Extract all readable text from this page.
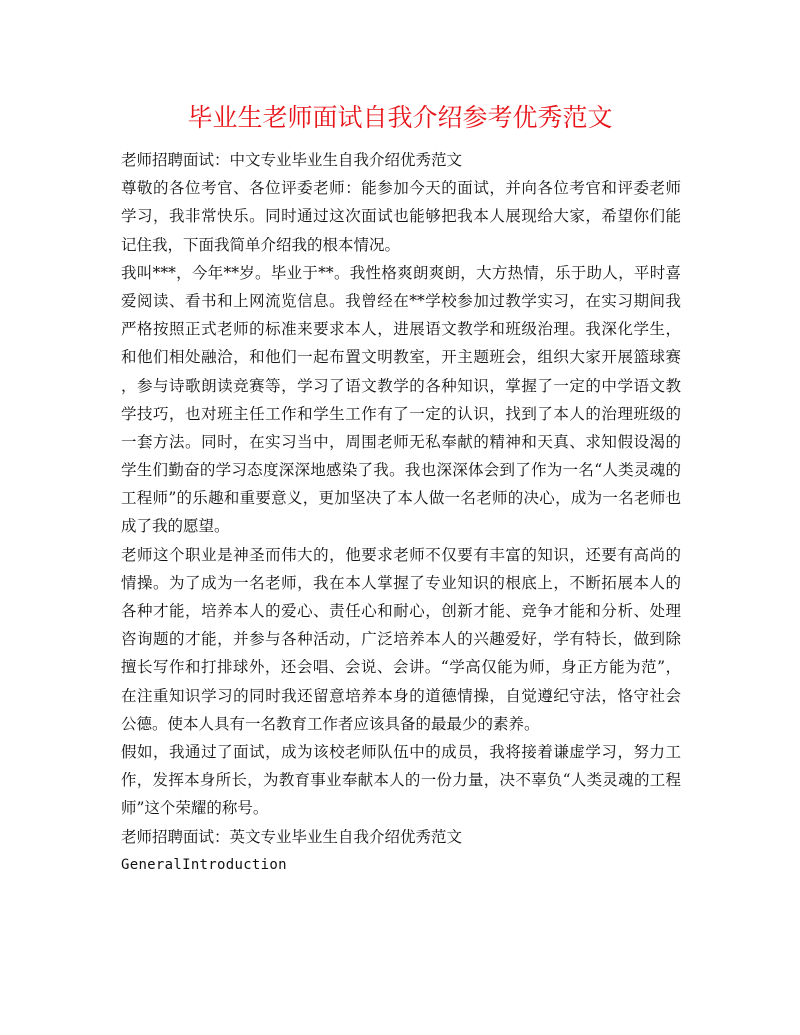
毕业生老师面试自我介绍参考优秀范文
老师招聘面试：中文专业毕业生自我介绍优秀范文
尊敬的各位考官、各位评委老师：能参加今天的面试，并向各位考官和评委老师
学习，我非常快乐。同时通过这次面试也能够把我本人展现给大家，希望你们能
记住我，下面我简单介绍我的根本情况。
我叫***，今年**岁。毕业于**。我性格爽朗爽朗，大方热情，乐于助人，平时喜
爱阅读、看书和上网流览信息。我曾经在**学校参加过教学实习，在实习期间我
严格按照正式老师的标准来要求本人，进展语文教学和班级治理。我深化学生，
和他们相处融洽，和他们一起布置文明教室，开主题班会，组织大家开展篮球赛
，参与诗歌朗读竞赛等，学习了语文教学的各种知识，掌握了一定的中学语文教
学技巧，也对班主任工作和学生工作有了一定的认识，找到了本人的治理班级的
一套方法。同时，在实习当中，周围老师无私奉献的精神和天真、求知假设渴的
学生们勤奋的学习态度深深地感染了我。我也深深体会到了作为一名“人类灵魂的
工程师”的乐趣和重要意义，更加坚决了本人做一名老师的决心，成为一名老师也
成了我的愿望。
老师这个职业是神圣而伟大的，他要求老师不仅要有丰富的知识，还要有高尚的
情操。为了成为一名老师，我在本人掌握了专业知识的根底上，不断拓展本人的
各种才能，培养本人的爱心、责任心和耐心，创新才能、竞争才能和分析、处理
咨询题的才能，并参与各种活动，广泛培养本人的兴趣爱好，学有特长，做到除
擅长写作和打排球外，还会唱、会说、会讲。“学高仅能为师，身正方能为范”，
在注重知识学习的同时我还留意培养本身的道德情操，自觉遵纪守法，恪守社会
公德。使本人具有一名教育工作者应该具备的最最少的素养。
假如，我通过了面试，成为该校老师队伍中的成员，我将接着谦虚学习，努力工
作，发挥本身所长，为教育事业奉献本人的一份力量，决不辜负“人类灵魂的工程
师”这个荣耀的称号。
老师招聘面试：英文专业毕业生自我介绍优秀范文
GeneralIntroduction
